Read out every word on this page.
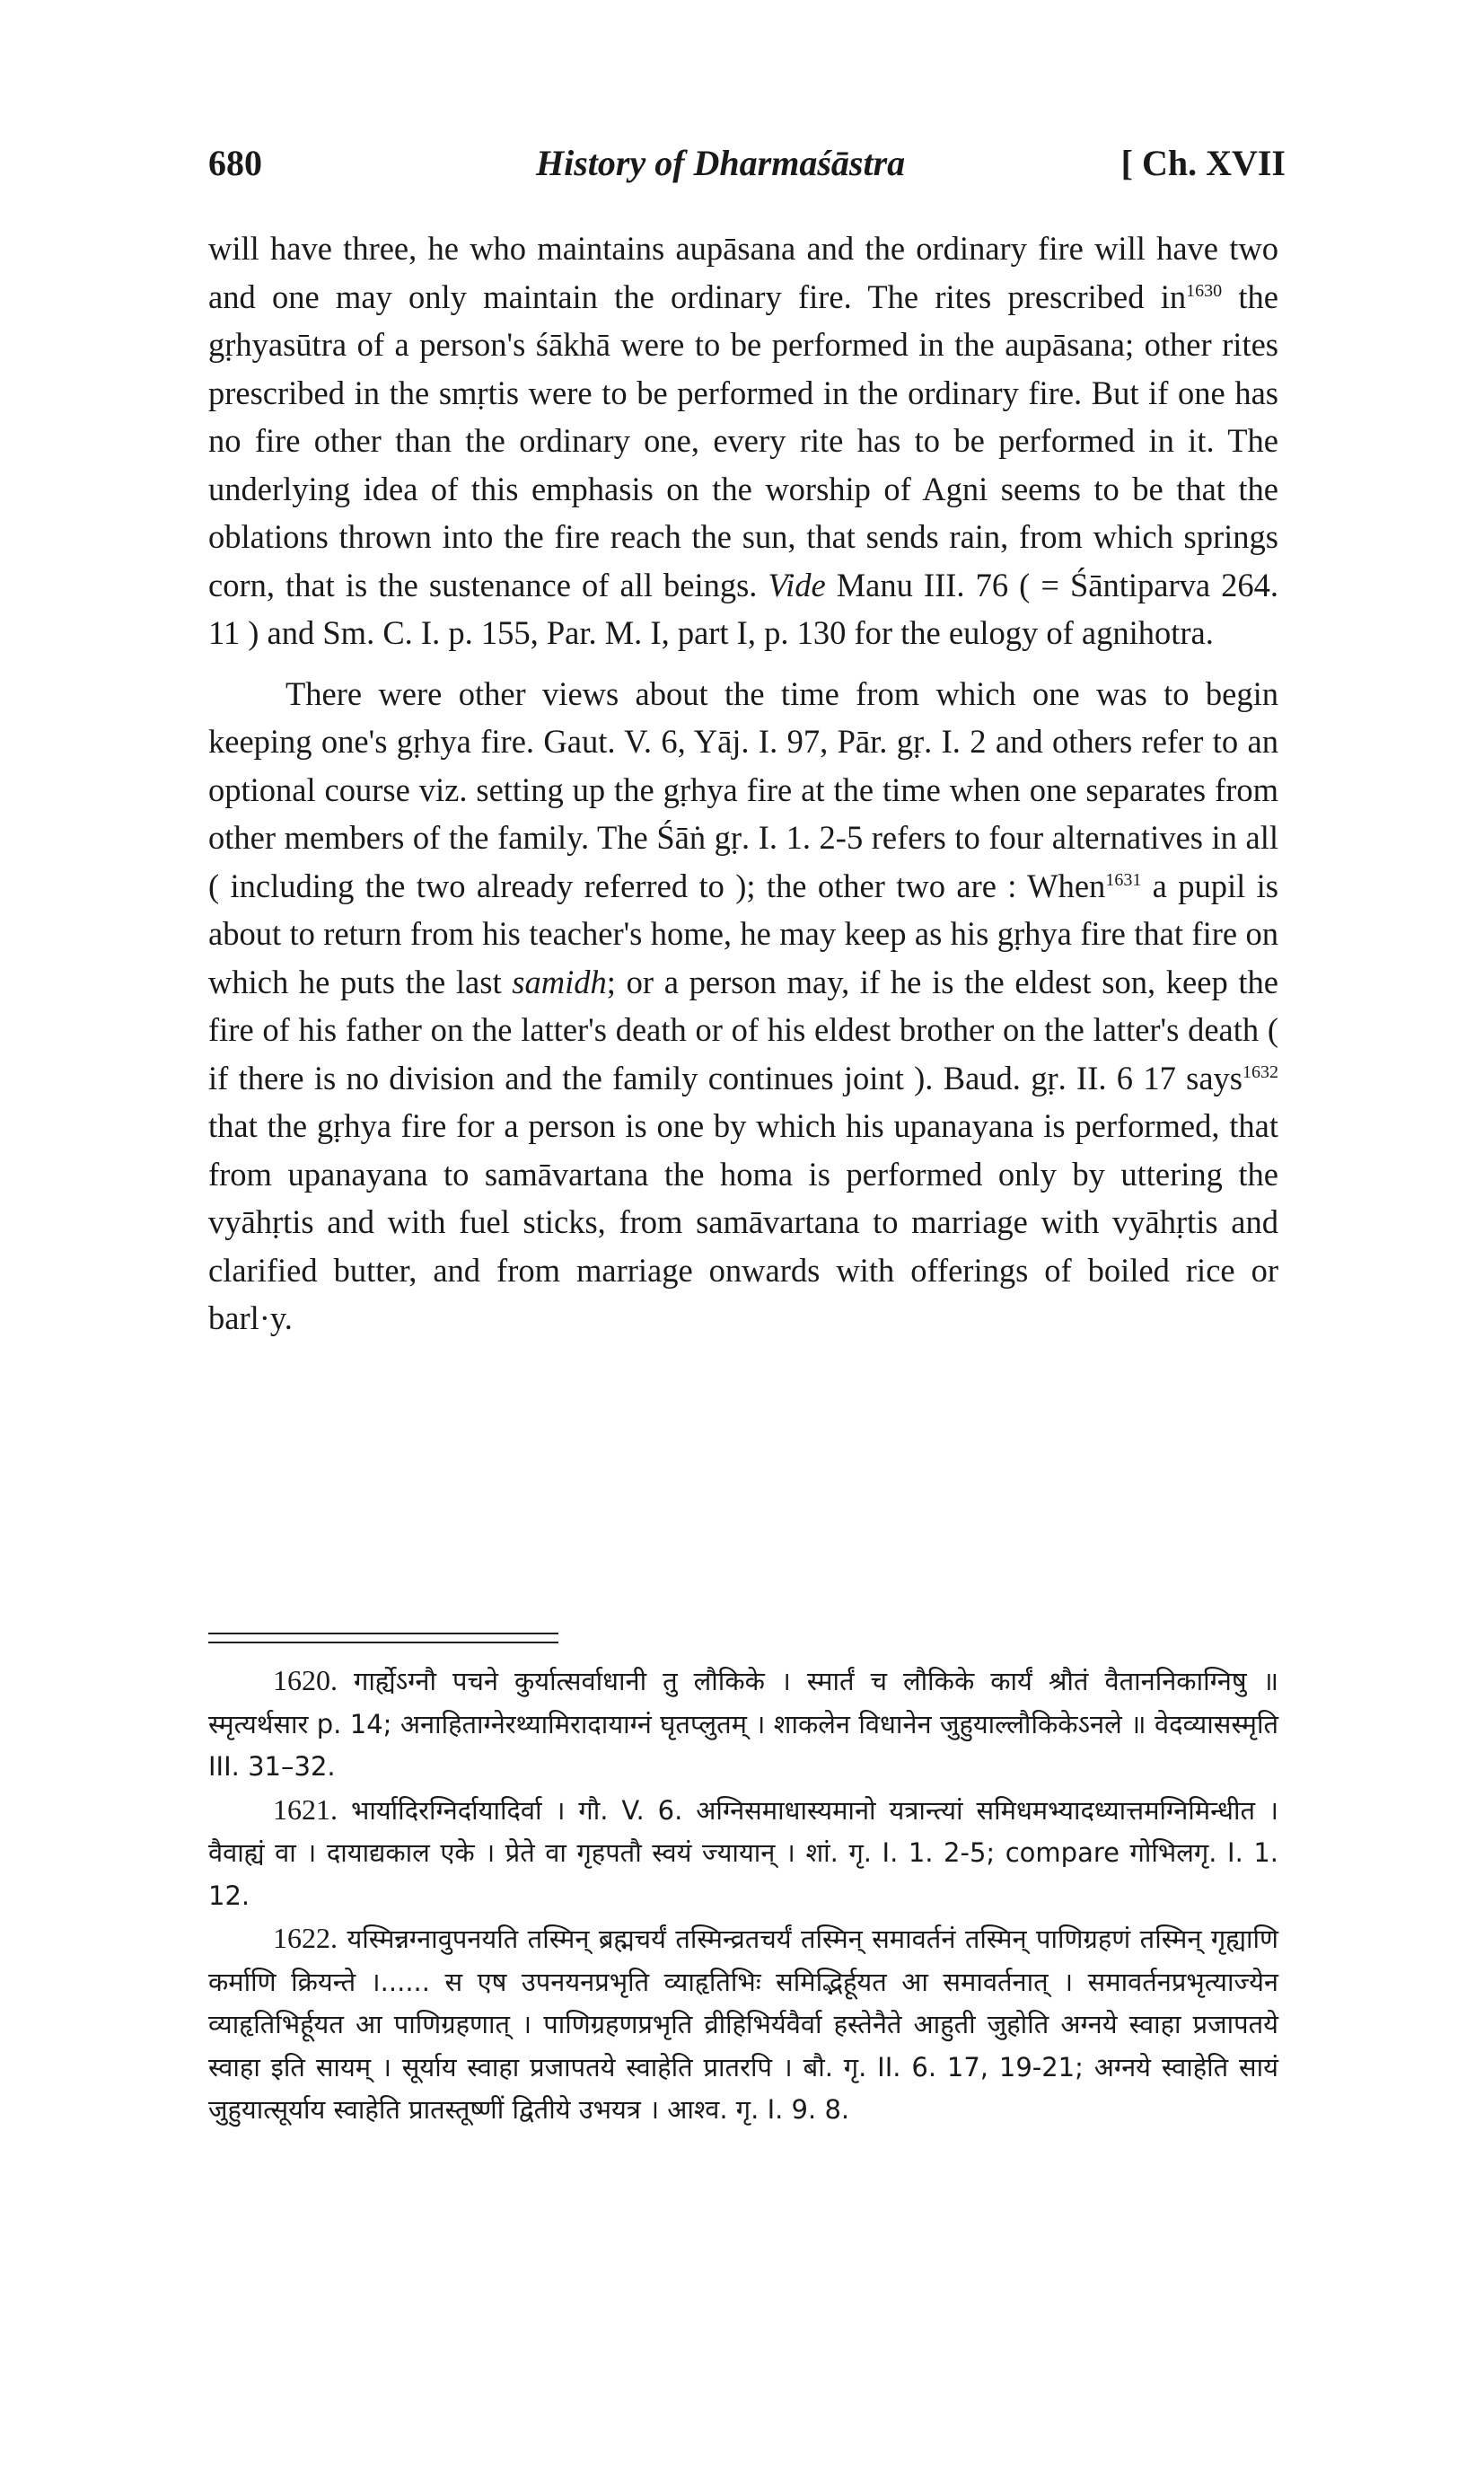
680	History of Dharmaśāstra	[ Ch. XVII

will have three, he who maintains aupāsana and the ordinary fire will have two and one may only maintain the ordinary fire. The rites prescribed $in^{1630}$ the gṛhyasūtra of a person's śākhā were to be performed in the aupāsana; other rites prescribed in the smṛtis were to be performed in the ordinary fire. But if one has no fire other than the ordinary one, every rite has to be performed in it. The underlying idea of this emphasis on the worship of Agni seems to be that the oblations thrown into the fire reach the sun, that sends rain, from which springs corn, that is the sustenance of all beings. Vide Manu III. 76 ( = Śāntiparva 264. 11 ) and Sm. C. I. p. 155, Par. M. I, part I, p. 130 for the eulogy of agnihotra.

There were other views about the time from which one was to begin keeping one's gṛhya fire. Gaut. V. 6, Yāj. I. 97, Pār. gṛ. I. 2 and others refer to an optional course viz. setting up the gṛhya fire at the time when one separates from other members of the family. The Śāṅ gṛ. I. 1. 2-5 refers to four alternatives in all ( including the two already referred to ); the other two are : When$^{1631}$ a pupil is about to return from his teacher's home, he may keep as his gṛhya fire that fire on which he puts the last samidh; or a person may, if he is the eldest son, keep the fire of his father on the latter's death or of his eldest brother on the latter's death ( if there is no division and the family continues joint ). Baud. gṛ. II. 6 17 says$^{1632}$ that the gṛhya fire for a person is one by which his upanayana is performed, that from upanayana to samāvartana the homa is performed only by uttering the vyāhṛtis and with fuel sticks, from samāvartana to marriage with vyāhṛtis and clarified butter, and from marriage onwards with offerings of boiled rice or barl·y.

1620. गार्ह्येऽग्नौ पचने कुर्यात्सर्वाधानी तु लौकिके । स्मार्तं च लौकिके कार्यं श्रौतं वैताननिकाग्निषु ॥ स्मृत्यर्थसार p. 14; अनाहिताग्नेरथ्यामिरादायाग्नं घृतप्लुतम् । शाकलेन विधानेन जुहुयाल्लौकिकेऽनले ॥ वेदव्यासस्मृति III. 31–32.

1621. भार्यादिरग्निर्दायादिर्वा । गौ. V. 6. अग्निसमाधास्यमानो यत्रान्त्यां समिधमभ्यादध्यात्तमग्निमिन्धीत । वैवाह्यं वा । दायाद्यकाल एके । प्रेते वा गृहपतौ स्वयं ज्यायान् । शां. गृ. I. 1. 2-5; compare गोभिलगृ. I. 1. 12.

1622. यस्मिन्नग्नावुपनयति तस्मिन् ब्रह्मचर्यं तस्मिन्व्रतचर्यं तस्मिन् समावर्तनं तस्मिन् पाणिग्रहणं तस्मिन् गृह्याणि कर्माणि क्रियन्ते ।...... स एष उपनयनप्रभृति व्याहृतिभिः समिद्भिर्हूयत आ समावर्तनात् । समावर्तनप्रभृत्याज्येन व्याहृतिभिर्हूयत आ पाणिग्रहणात् । पाणिग्रहणप्रभृति व्रीहिभिर्यवैर्वा हस्तेनैते आहुती जुहोति अग्नये स्वाहा प्रजापतये स्वाहा इति सायम् । सूर्याय स्वाहा प्रजापतये स्वाहेति प्रातरपि । बौ. गृ. II. 6. 17, 19-21; अग्नये स्वाहेति सायं जुहुयात्सूर्याय स्वाहेति प्रातस्तूष्णीं द्वितीये उभयत्र । आश्व. गृ. I. 9. 8.
